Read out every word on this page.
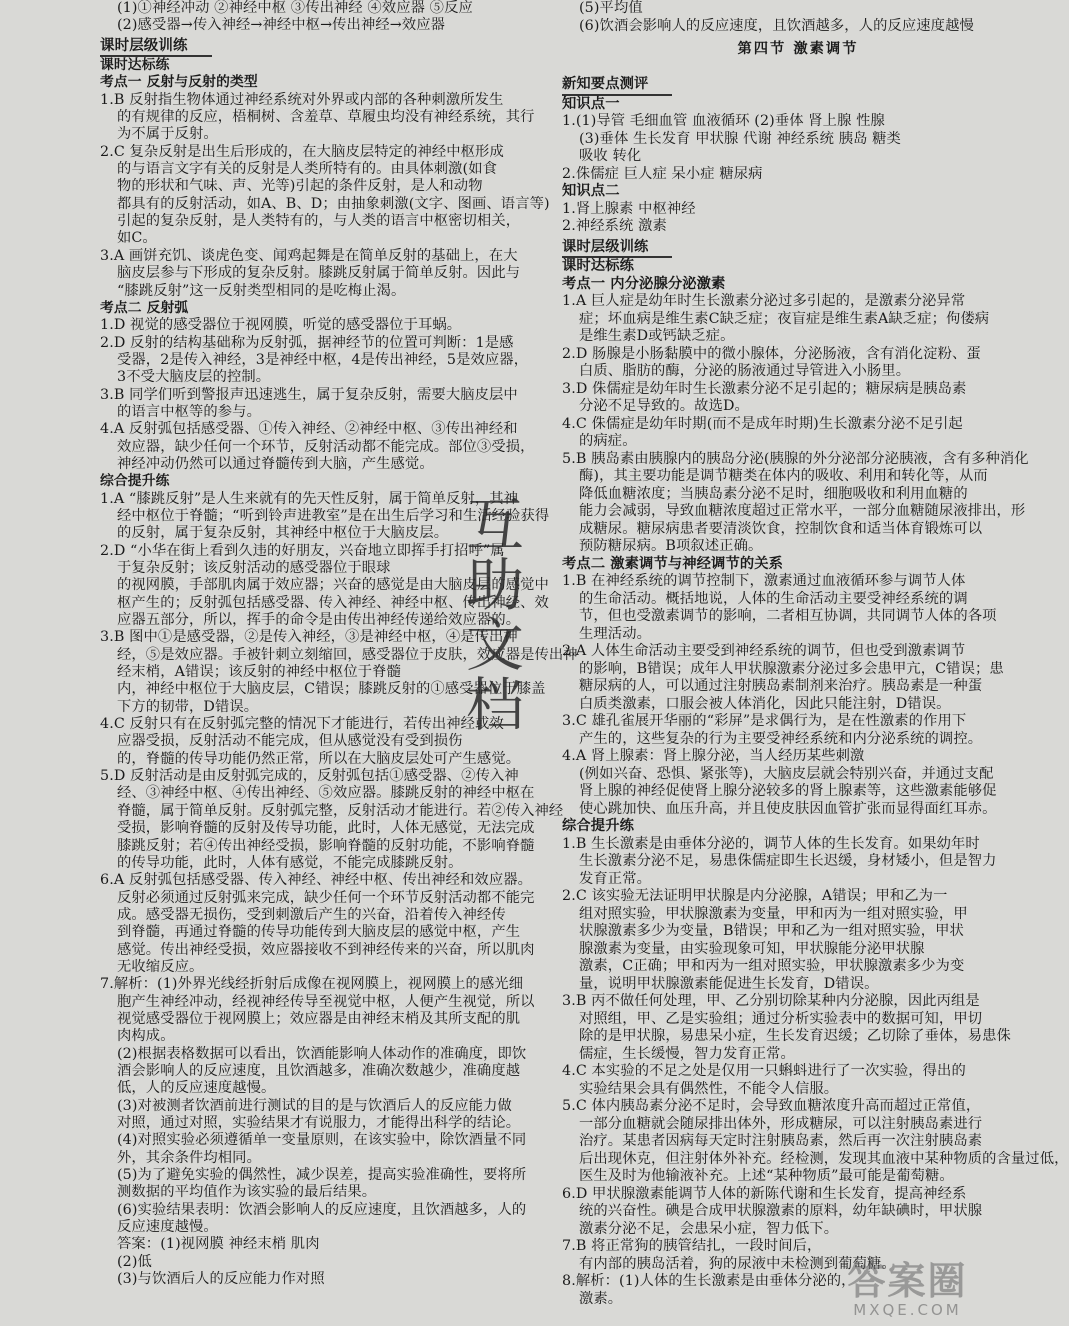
(1)①神经冲动 ②神经中枢 ③传出神经 ④效应器 ⑤反应
(2)感受器→传入神经→神经中枢→传出神经→效应器
课时层级训练
课时达标练
考点一 反射与反射的类型
1.B 反射指生物体通过神经系统对外界或内部的各种刺激所发生
的有规律的反应，梧桐树、含羞草、草履虫均没有神经系统，其行
为不属于反射。
2.C 复杂反射是出生后形成的，在大脑皮层特定的神经中枢形成
的与语言文字有关的反射是人类所特有的。由具体刺激(如食
物的形状和气味、声、光等)引起的条件反射，是人和动物
都具有的反射活动，如A、B、D；由抽象刺激(文字、图画、语言等)
引起的复杂反射，是人类特有的，与人类的语言中枢密切相关，
如C。
3.A 画饼充饥、谈虎色变、闻鸡起舞是在简单反射的基础上，在大
脑皮层参与下形成的复杂反射。膝跳反射属于简单反射。因此与
“膝跳反射”这一反射类型相同的是吃梅止渴。
考点二 反射弧
1.D 视觉的感受器位于视网膜，听觉的感受器位于耳蜗。
2.D 反射的结构基础称为反射弧，据神经节的位置可判断：1是感
受器，2是传入神经，3是神经中枢，4是传出神经，5是效应器，
3不受大脑皮层的控制。
3.B 同学们听到警报声迅速逃生，属于复杂反射，需要大脑皮层中
的语言中枢等的参与。
4.A 反射弧包括感受器、①传入神经、②神经中枢、③传出神经和
效应器，缺少任何一个环节，反射活动都不能完成。部位③受损，
神经冲动仍然可以通过脊髓传到大脑，产生感觉。
综合提升练
1.A “膝跳反射”是人生来就有的先天性反射，属于简单反射，其神
经中枢位于脊髓；“听到铃声进教室”是在出生后学习和生活经验获得
的反射，属于复杂反射，其神经中枢位于大脑皮层。
2.D “小华在街上看到久违的好朋友，兴奋地立即挥手打招呼”属
于复杂反射；该反射活动的感受器位于眼球
的视网膜，手部肌肉属于效应器；兴奋的感觉是由大脑皮层的感觉中
枢产生的；反射弧包括感受器、传入神经、神经中枢、传出神经、效
应器五部分，所以，挥手的命令是由传出神经传递给效应器的。
3.B 图中①是感受器，②是传入神经，③是神经中枢，④是传出神
经，⑤是效应器。手被针刺立刻缩回，感受器位于皮肤，效应器是传出神
经末梢，A错误；该反射的神经中枢位于脊髓
内，神经中枢位于大脑皮层，C错误；膝跳反射的①感受器位于膝盖
下方的韧带，D错误。
4.C 反射只有在反射弧完整的情况下才能进行，若传出神经或效
应器受损，反射活动不能完成，但从感觉没有受到损伤
的，脊髓的传导功能仍然正常，所以在大脑皮层处可产生感觉。
5.D 反射活动是由反射弧完成的，反射弧包括①感受器、②传入神
经、③神经中枢、④传出神经、⑤效应器。膝跳反射的神经中枢在
脊髓，属于简单反射。反射弧完整，反射活动才能进行。若②传入神经
受损，影响脊髓的反射及传导功能，此时，人体无感觉，无法完成
膝跳反射；若④传出神经受损，影响脊髓的反射功能，不影响脊髓
的传导功能，此时，人体有感觉，不能完成膝跳反射。
6.A 反射弧包括感受器、传入神经、神经中枢、传出神经和效应器。
反射必须通过反射弧来完成，缺少任何一个环节反射活动都不能完
成。感受器无损伤，受到刺激后产生的兴奋，沿着传入神经传
到脊髓，再通过脊髓的传导功能传到大脑皮层的感觉中枢，产生
感觉。传出神经受损，效应器接收不到神经传来的兴奋，所以肌肉
无收缩反应。
7.解析：(1)外界光线经折射后成像在视网膜上，视网膜上的感光细
胞产生神经冲动，经视神经传导至视觉中枢，人便产生视觉，所以
视觉感受器位于视网膜上；效应器是由神经末梢及其所支配的肌
肉构成。
(2)根据表格数据可以看出，饮酒能影响人体动作的准确度，即饮
酒会影响人的反应速度，且饮酒越多，准确次数越少，准确度越
低，人的反应速度越慢。
(3)对被测者饮酒前进行测试的目的是与饮酒后人的反应能力做
对照，通过对照，实验结果才有说服力，才能得出科学的结论。
(4)对照实验必须遵循单一变量原则，在该实验中，除饮酒量不同
外，其余条件均相同。
(5)为了避免实验的偶然性，减少误差，提高实验准确性，要将所
测数据的平均值作为该实验的最后结果。
(6)实验结果表明：饮酒会影响人的反应速度，且饮酒越多，人的
反应速度越慢。
答案：(1)视网膜 神经末梢 肌肉
(2)低
(3)与饮酒后人的反应能力作对照
(5)平均值
(6)饮酒会影响人的反应速度，且饮酒越多，人的反应速度越慢
第四节 激素调节
新知要点测评
知识点一
1.(1)导管 毛细血管 血液循环 (2)垂体 肾上腺 性腺
(3)垂体 生长发育 甲状腺 代谢 神经系统 胰岛 糖类
吸收 转化
2.侏儒症 巨人症 呆小症 糖尿病
知识点二
1.肾上腺素 中枢神经
2.神经系统 激素
课时层级训练
课时达标练
考点一 内分泌腺分泌激素
1.A 巨人症是幼年时生长激素分泌过多引起的，是激素分泌异常
症；坏血病是维生素C缺乏症；夜盲症是维生素A缺乏症；佝偻病
是维生素D或钙缺乏症。
2.D 肠腺是小肠黏膜中的微小腺体，分泌肠液，含有消化淀粉、蛋
白质、脂肪的酶，分泌的肠液通过导管进入小肠里。
3.D 侏儒症是幼年时生长激素分泌不足引起的；糖尿病是胰岛素
分泌不足导致的。故选D。
4.C 侏儒症是幼年时期(而不是成年时期)生长激素分泌不足引起
的病症。
5.B 胰岛素由胰腺内的胰岛分泌(胰腺的外分泌部分泌胰液，含有多种消化
酶)，其主要功能是调节糖类在体内的吸收、利用和转化等，从而
降低血糖浓度；当胰岛素分泌不足时，细胞吸收和利用血糖的
能力会减弱，导致血糖浓度超过正常水平，一部分血糖随尿液排出，形
成糖尿。糖尿病患者要清淡饮食，控制饮食和适当体育锻炼可以
预防糖尿病。B项叙述正确。
考点二 激素调节与神经调节的关系
1.B 在神经系统的调节控制下，激素通过血液循环参与调节人体
的生命活动。概括地说，人体的生命活动主要受神经系统的调
节，但也受激素调节的影响，二者相互协调，共同调节人体的各项
生理活动。
2.A 人体生命活动主要受到神经系统的调节，但也受到激素调节
的影响，B错误；成年人甲状腺激素分泌过多会患甲亢，C错误；患
糖尿病的人，可以通过注射胰岛素制剂来治疗。胰岛素是一种蛋
白质类激素，口服会被人体消化，因此只能注射，D错误。
3.C 雄孔雀展开华丽的“彩屏”是求偶行为，是在性激素的作用下
产生的，这些复杂的行为主要受神经系统和内分泌系统的调控。
4.A 肾上腺素：肾上腺分泌，当人经历某些刺激
(例如兴奋、恐惧、紧张等)，大脑皮层就会特别兴奋，并通过支配
肾上腺的神经促使肾上腺分泌较多的肾上腺素等，这些激素能够促
使心跳加快、血压升高，并且使皮肤因血管扩张而显得面红耳赤。
综合提升练
1.B 生长激素是由垂体分泌的，调节人体的生长发育。如果幼年时
生长激素分泌不足，易患侏儒症即生长迟缓，身材矮小，但是智力
发育正常。
2.C 该实验无法证明甲状腺是内分泌腺，A错误；甲和乙为一
组对照实验，甲状腺激素为变量，甲和丙为一组对照实验，甲
状腺激素多少为变量，B错误；甲和乙为一组对照实验，甲状
腺激素为变量，由实验现象可知，甲状腺能分泌甲状腺
激素，C正确；甲和丙为一组对照实验，甲状腺激素多少为变
量，说明甲状腺激素能促进生长发育，D错误。
3.B 丙不做任何处理，甲、乙分别切除某种内分泌腺，因此丙组是
对照组，甲、乙是实验组；通过分析实验表中的数据可知，甲切
除的是甲状腺，易患呆小症，生长发育迟缓；乙切除了垂体，易患侏
儒症，生长缓慢，智力发育正常。
4.C 本实验的不足之处是仅用一只蝌蚪进行了一次实验，得出的
实验结果会具有偶然性，不能令人信服。
5.C 体内胰岛素分泌不足时，会导致血糖浓度升高而超过正常值，
一部分血糖就会随尿排出体外，形成糖尿，可以注射胰岛素进行
治疗。某患者因病每天定时注射胰岛素，然后再一次注射胰岛素
后出现休克，但注射体外补充。经检测，发现其血液中某种物质的含量过低，
医生及时为他输液补充。上述“某种物质”最可能是葡萄糖。
6.D 甲状腺激素能调节人体的新陈代谢和生长发育，提高神经系
统的兴奋性。碘是合成甲状腺激素的原料，幼年缺碘时，甲状腺
激素分泌不足，会患呆小症，智力低下。
7.B 将正常狗的胰管结扎，一段时间后，
有内部的胰岛活着，狗的尿液中未检测到葡萄糖。
8.解析：(1)人体的生长激素是由垂体分泌的，
激素。
互
助
文
档
答案圈
MXQE.COM
